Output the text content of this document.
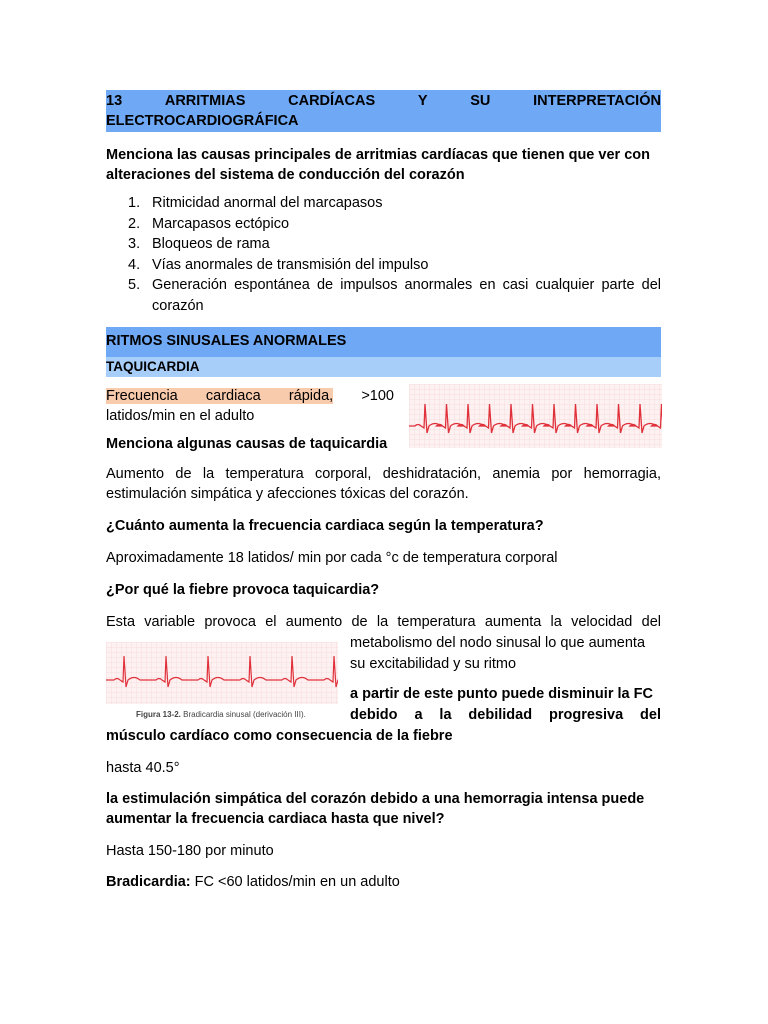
13	ARRITMIAS	CARDÍACAS	Y	SU	INTERPRETACIÓN
ELECTROCARDIOGRÁFICA
Menciona las causas principales de arritmias cardíacas que tienen que ver con alteraciones del sistema de conducción del corazón
1. Ritmicidad anormal del marcapasos
2. Marcapasos ectópico
3. Bloqueos de rama
4. Vías anormales de transmisión del impulso
5. Generación espontánea de impulsos anormales en casi cualquier parte del corazón
RITMOS SINUSALES ANORMALES
TAQUICARDIA
Frecuencia cardiaca rápida, >100 latidos/min en el adulto
Menciona algunas causas de taquicardia
Aumento de la temperatura corporal, deshidratación, anemia por hemorragia, estimulación simpática y afecciones tóxicas del corazón.
¿Cuánto aumenta la frecuencia cardiaca según la temperatura?
Aproximadamente 18 latidos/ min por cada °c de temperatura corporal
¿Por qué la fiebre provoca taquicardia?
Esta variable provoca el aumento de la temperatura aumenta la velocidad del
metabolismo del nodo sinusal lo que aumenta
su excitabilidad y su ritmo
a partir de este punto puede disminuir la FC
debido a la debilidad progresiva del
músculo cardíaco como consecuencia de la fiebre
Figura 13-2. Bradicardia sinusal (derivación III).
hasta 40.5°
la estimulación simpática del corazón debido a una hemorragia intensa puede aumentar la frecuencia cardiaca hasta que nivel?
Hasta 150-180 por minuto
Bradicardia: FC <60 latidos/min en un adulto
